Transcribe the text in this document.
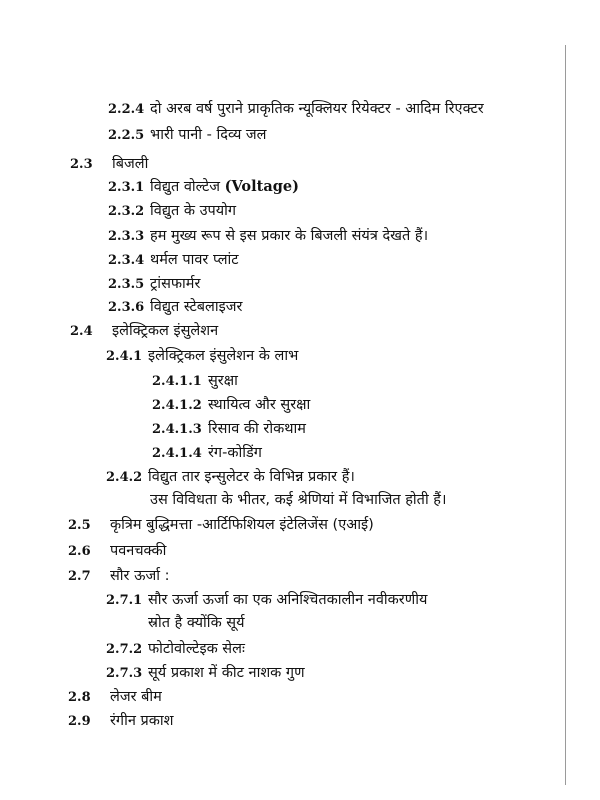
2.2.4 दो अरब वर्ष पुराने प्राकृतिक न्यूक्लियर रियेक्टर - आदिम रिएक्टर
2.2.5 भारी पानी - दिव्य जल
2.3 बिजली
2.3.1 विद्युत वोल्टेज (Voltage)
2.3.2 विद्युत के उपयोग
2.3.3 हम मुख्य रूप से इस प्रकार के बिजली संयंत्र देखते हैं।
2.3.4 थर्मल पावर प्लांट
2.3.5 ट्रांसफार्मर
2.3.6 विद्युत स्टेबलाइजर
2.4 इलेक्ट्रिकल इंसुलेशन
2.4.1 इलेक्ट्रिकल इंसुलेशन के लाभ
2.4.1.1 सुरक्षा
2.4.1.2 स्थायित्व और सुरक्षा
2.4.1.3 रिसाव की रोकथाम
2.4.1.4 रंग-कोडिंग
2.4.2 विद्युत तार इन्सुलेटर के विभिन्न प्रकार हैं।
उस विविधता के भीतर, कई श्रेणियां में विभाजित होती हैं।
2.5 कृत्रिम बुद्धिमत्ता -आर्टिफिशियल इंटेलिजेंस (एआई)
2.6 पवनचक्की
2.7 सौर ऊर्जा :
2.7.1 सौर ऊर्जा ऊर्जा का एक अनिश्चितकालीन नवीकरणीय
स्रोत है क्योंकि सूर्य
2.7.2 फोटोवोल्टेइक सेलः
2.7.3 सूर्य प्रकाश में कीट नाशक गुण
2.8 लेजर बीम
2.9 रंगीन प्रकाश
